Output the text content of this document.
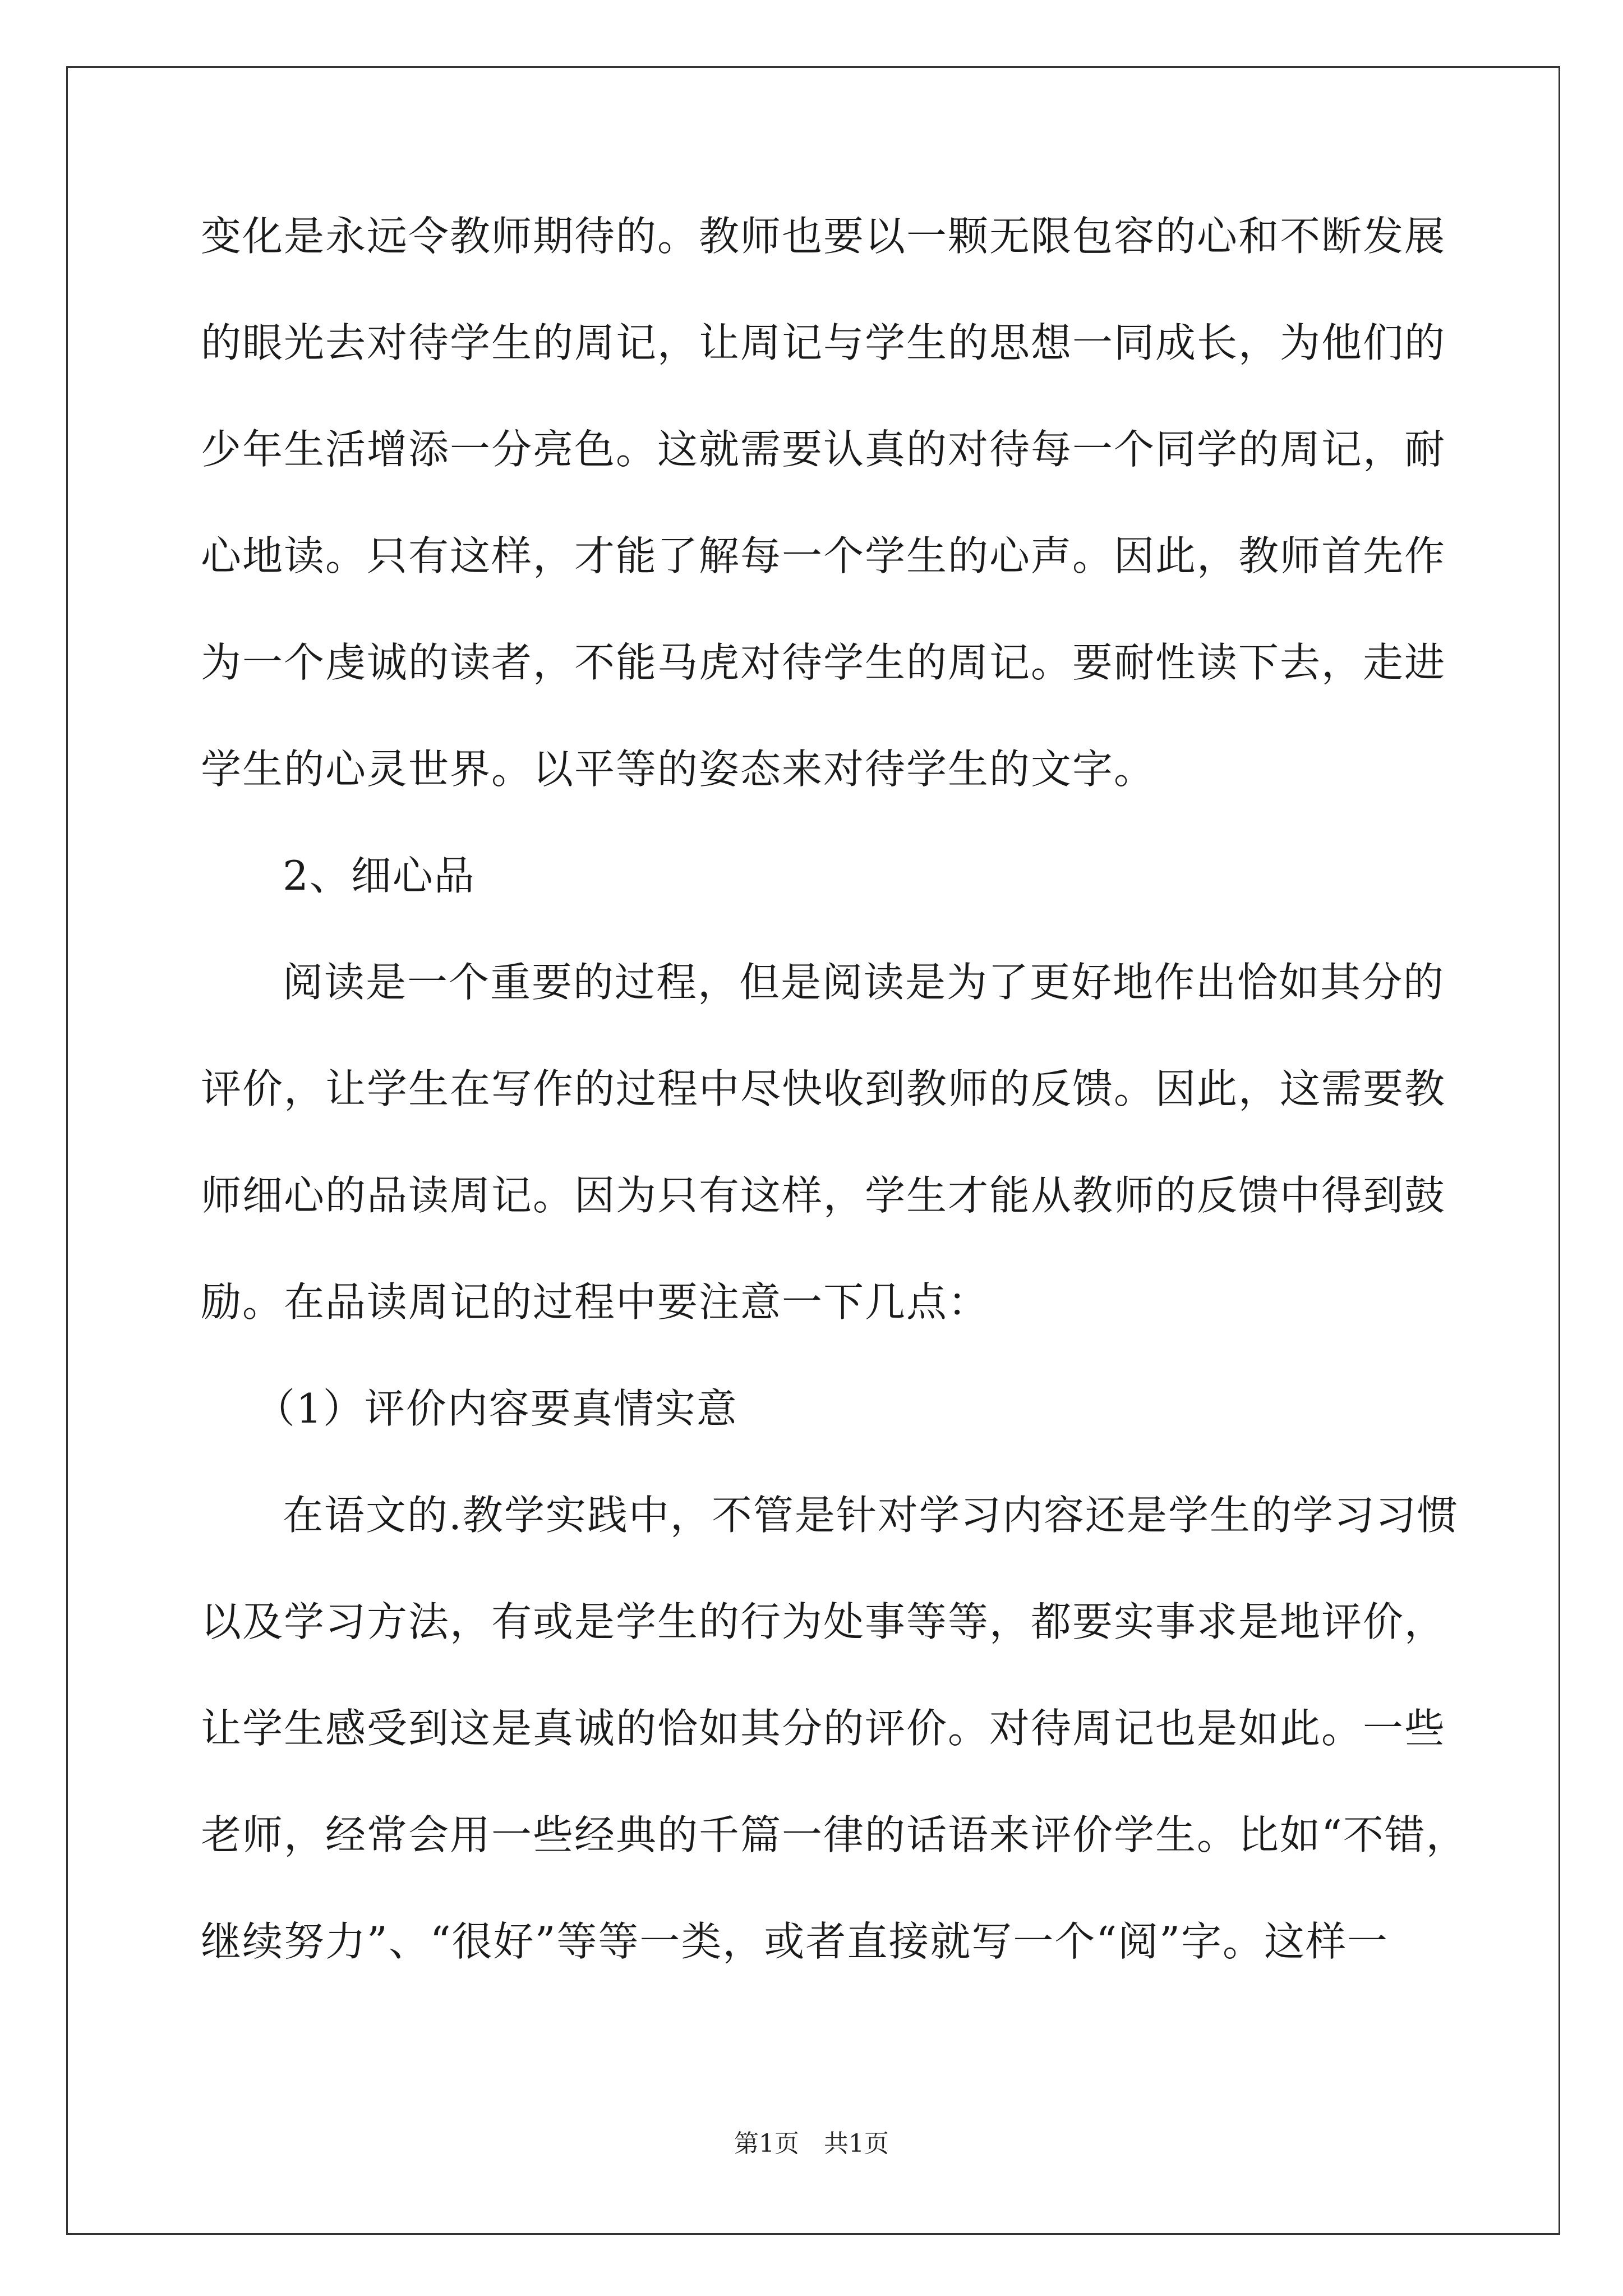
变化是永远令教师期待的。教师也要以一颗无限包容的心和不断发展
的眼光去对待学生的周记，让周记与学生的思想一同成长，为他们的
少年生活增添一分亮色。这就需要认真的对待每一个同学的周记，耐
心地读。只有这样，才能了解每一个学生的心声。因此，教师首先作
为一个虔诚的读者，不能马虎对待学生的周记。要耐性读下去，走进
学生的心灵世界。以平等的姿态来对待学生的文字。
2、细心品
阅读是一个重要的过程，但是阅读是为了更好地作出恰如其分的
评价，让学生在写作的过程中尽快收到教师的反馈。因此，这需要教
师细心的品读周记。因为只有这样，学生才能从教师的反馈中得到鼓
励。在品读周记的过程中要注意一下几点：
（1）评价内容要真情实意
在语文的.教学实践中，不管是针对学习内容还是学生的学习习惯
以及学习方法，有或是学生的行为处事等等，都要实事求是地评价，
让学生感受到这是真诚的恰如其分的评价。对待周记也是如此。一些
老师，经常会用一些经典的千篇一律的话语来评价学生。比如“不错，
继续努力”、“很好”等等一类，或者直接就写一个“阅”字。这样一
第1页　共1页
